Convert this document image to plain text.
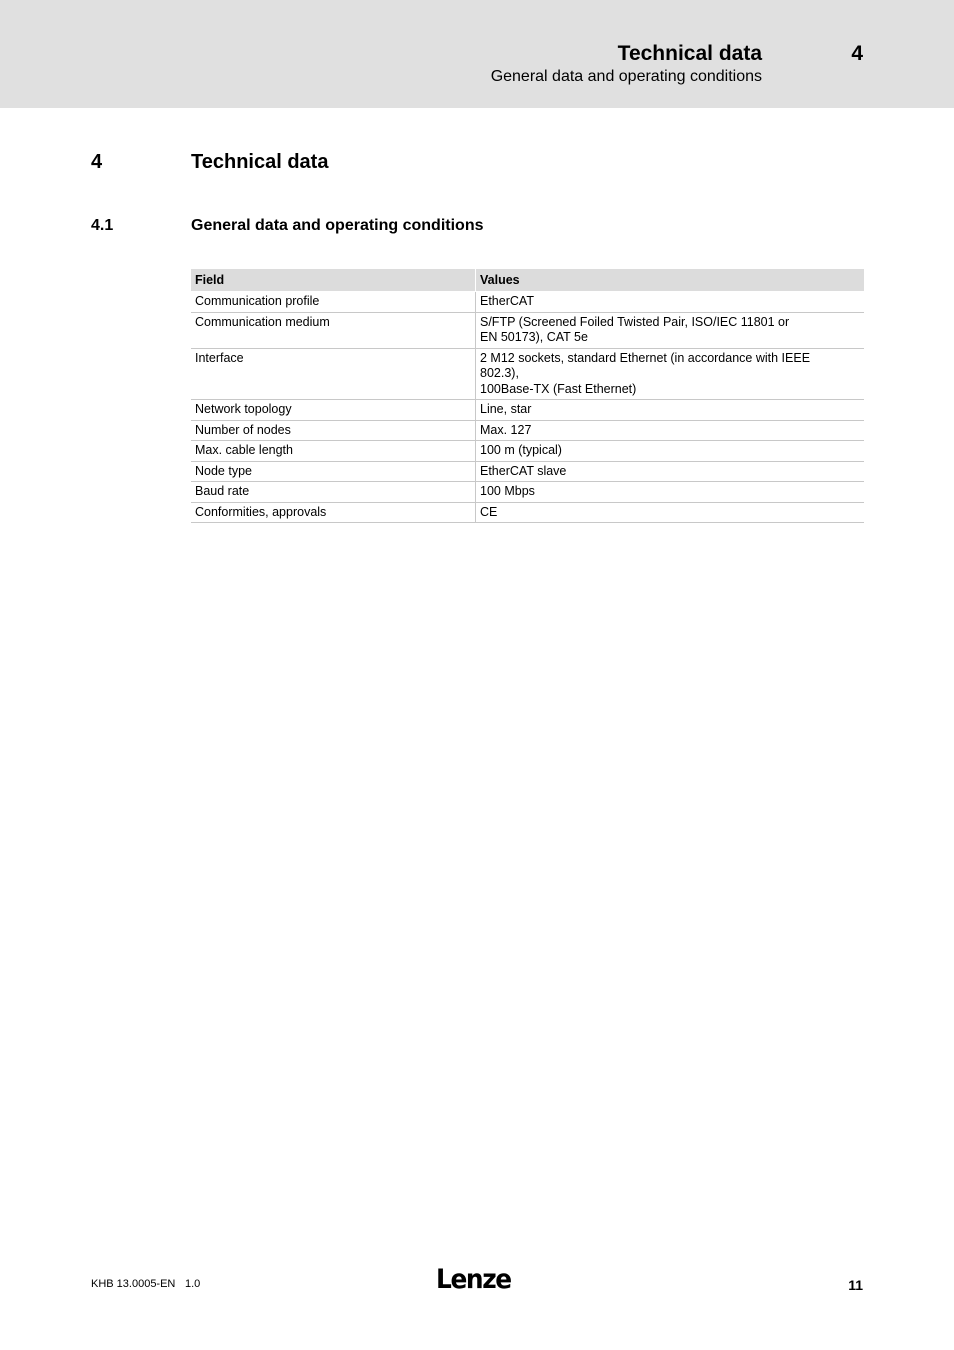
Technical data	4
General data and operating conditions
4	Technical data
4.1	General data and operating conditions
Field	Values
Communication profile	EtherCAT

Communication medium	S/FTP (Screened Foiled Twisted Pair, ISO/IEC 11801 or
EN 50173), CAT 5e

Interface	2 M12 sockets, standard Ethernet (in accordance with IEEE
802.3),
100Base-TX (Fast Ethernet)

Network topology	Line, star

Number of nodes	Max. 127

Max. cable length	100 m (typical)

Node type	EtherCAT slave

Baud rate	100 Mbps

Conformities, approvals	CE
KHB 13.0005-EN 1.0	Lenze	11
